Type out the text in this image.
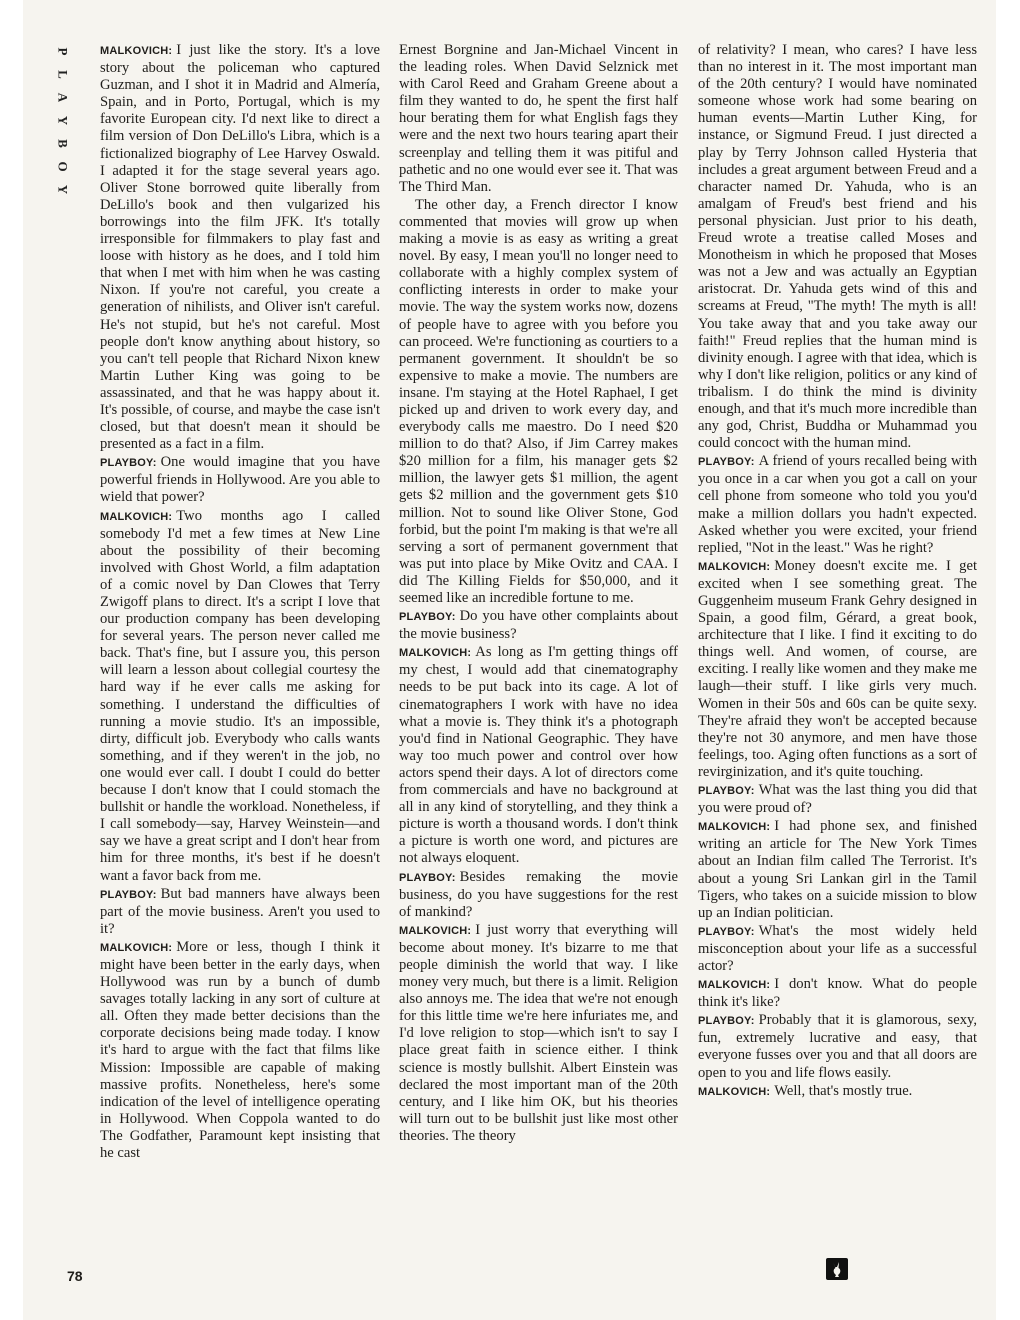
P
L
A
Y
B
O
Y

MALKOVICH: I just like the story. It's a love story about the policeman who captured Guzman, and I shot it in Madrid and Almería, Spain, and in Porto, Portugal, which is my favorite European city. I'd next like to direct a film version of Don DeLillo's Libra, which is a fictionalized biography of Lee Harvey Oswald. I adapted it for the stage several years ago. Oliver Stone borrowed quite liberally from DeLillo's book and then vulgarized his borrowings into the film JFK. It's totally irresponsible for filmmakers to play fast and loose with history as he does, and I told him that when I met with him when he was casting Nixon. If you're not careful, you create a generation of nihilists, and Oliver isn't careful. He's not stupid, but he's not careful. Most people don't know anything about history, so you can't tell people that Richard Nixon knew Martin Luther King was going to be assassinated, and that he was happy about it. It's possible, of course, and maybe the case isn't closed, but that doesn't mean it should be presented as a fact in a film.

PLAYBOY: One would imagine that you have powerful friends in Hollywood. Are you able to wield that power?

MALKOVICH: Two months ago I called somebody I'd met a few times at New Line about the possibility of their becoming involved with Ghost World, a film adaptation of a comic novel by Dan Clowes that Terry Zwigoff plans to direct. It's a script I love that our production company has been developing for several years. The person never called me back. That's fine, but I assure you, this person will learn a lesson about collegial courtesy the hard way if he ever calls me asking for something. I understand the difficulties of running a movie studio. It's an impossible, dirty, difficult job. Everybody who calls wants something, and if they weren't in the job, no one would ever call. I doubt I could do better because I don't know that I could stomach the bullshit or handle the workload. Nonetheless, if I call somebody—say, Harvey Weinstein—and say we have a great script and I don't hear from him for three months, it's best if he doesn't want a favor back from me.

PLAYBOY: But bad manners have always been part of the movie business. Aren't you used to it?

MALKOVICH: More or less, though I think it might have been better in the early days, when Hollywood was run by a bunch of dumb savages totally lacking in any sort of culture at all. Often they made better decisions than the corporate decisions being made today. I know it's hard to argue with the fact that films like Mission: Impossible are capable of making massive profits. Nonetheless, here's some indication of the level of intelligence operating in Hollywood. When Coppola wanted to do The Godfather, Paramount kept insisting that he cast

Ernest Borgnine and Jan-Michael Vincent in the leading roles. When David Selznick met with Carol Reed and Graham Greene about a film they wanted to do, he spent the first half hour berating them for what English fags they were and the next two hours tearing apart their screenplay and telling them it was pitiful and pathetic and no one would ever see it. That was The Third Man.

The other day, a French director I know commented that movies will grow up when making a movie is as easy as writing a great novel. By easy, I mean you'll no longer need to collaborate with a highly complex system of conflicting interests in order to make your movie. The way the system works now, dozens of people have to agree with you before you can proceed. We're functioning as courtiers to a permanent government. It shouldn't be so expensive to make a movie. The numbers are insane. I'm staying at the Hotel Raphael, I get picked up and driven to work every day, and everybody calls me maestro. Do I need $20 million to do that? Also, if Jim Carrey makes $20 million for a film, his manager gets $2 million, the lawyer gets $1 million, the agent gets $2 million and the government gets $10 million. Not to sound like Oliver Stone, God forbid, but the point I'm making is that we're all serving a sort of permanent government that was put into place by Mike Ovitz and CAA. I did The Killing Fields for $50,000, and it seemed like an incredible fortune to me.

PLAYBOY: Do you have other complaints about the movie business?

MALKOVICH: As long as I'm getting things off my chest, I would add that cinematography needs to be put back into its cage. A lot of cinematographers I work with have no idea what a movie is. They think it's a photograph you'd find in National Geographic. They have way too much power and control over how actors spend their days. A lot of directors come from commercials and have no background at all in any kind of storytelling, and they think a picture is worth a thousand words. I don't think a picture is worth one word, and pictures are not always eloquent.

PLAYBOY: Besides remaking the movie business, do you have suggestions for the rest of mankind?

MALKOVICH: I just worry that everything will become about money. It's bizarre to me that people diminish the world that way. I like money very much, but there is a limit. Religion also annoys me. The idea that we're not enough for this little time we're here infuriates me, and I'd love religion to stop—which isn't to say I place great faith in science either. I think science is mostly bullshit. Albert Einstein was declared the most important man of the 20th century, and I like him OK, but his theories will turn out to be bullshit just like most other theories. The theory

of relativity? I mean, who cares? I have less than no interest in it. The most important man of the 20th century? I would have nominated someone whose work had some bearing on human events—Martin Luther King, for instance, or Sigmund Freud. I just directed a play by Terry Johnson called Hysteria that includes a great argument between Freud and a character named Dr. Yahuda, who is an amalgam of Freud's best friend and his personal physician. Just prior to his death, Freud wrote a treatise called Moses and Monotheism in which he proposed that Moses was not a Jew and was actually an Egyptian aristocrat. Dr. Yahuda gets wind of this and screams at Freud, "The myth! The myth is all! You take away that and you take away our faith!" Freud replies that the human mind is divinity enough. I agree with that idea, which is why I don't like religion, politics or any kind of tribalism. I do think the mind is divinity enough, and that it's much more incredible than any god, Christ, Buddha or Muhammad you could concoct with the human mind.

PLAYBOY: A friend of yours recalled being with you once in a car when you got a call on your cell phone from someone who told you you'd make a million dollars you hadn't expected. Asked whether you were excited, your friend replied, "Not in the least." Was he right?

MALKOVICH: Money doesn't excite me. I get excited when I see something great. The Guggenheim museum Frank Gehry designed in Spain, a good film, Gérard, a great book, architecture that I like. I find it exciting to do things well. And women, of course, are exciting. I really like women and they make me laugh—their stuff. I like girls very much. Women in their 50s and 60s can be quite sexy. They're afraid they won't be accepted because they're not 30 anymore, and men have those feelings, too. Aging often functions as a sort of revirginization, and it's quite touching.

PLAYBOY: What was the last thing you did that you were proud of?

MALKOVICH: I had phone sex, and finished writing an article for The New York Times about an Indian film called The Terrorist. It's about a young Sri Lankan girl in the Tamil Tigers, who takes on a suicide mission to blow up an Indian politician.

PLAYBOY: What's the most widely held misconception about your life as a successful actor?

MALKOVICH: I don't know. What do people think it's like?

PLAYBOY: Probably that it is glamorous, sexy, fun, extremely lucrative and easy, that everyone fusses over you and that all doors are open to you and life flows easily.

MALKOVICH: Well, that's mostly true.

78
